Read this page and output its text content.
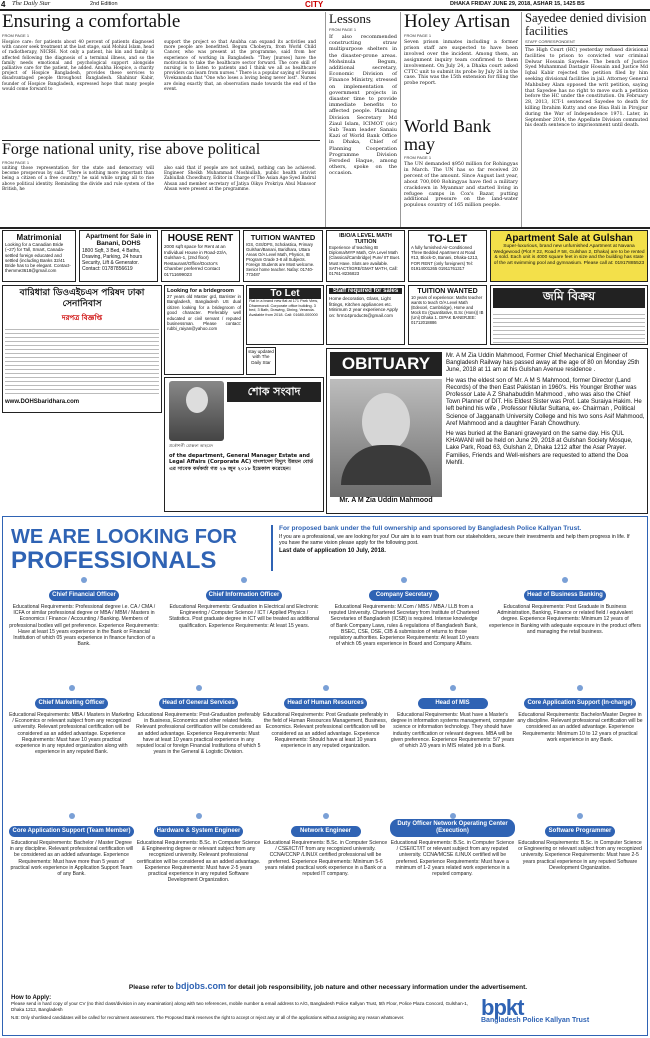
4 The Daily Star	2nd Edition	CITY	DHAKA FRIDAY JUNE 29, 2018, ASHAR 15, 1425 BS
Ensuring a comfortable
FROM PAGE 1

Hospice care: for patients about 40 percent of patients diagnosed with cancer seek treatment at the last stage, said Mohiul Islam, head of radiotherapy, NICRH. Not only a patient, his kin and family is affected following the diagnosis of a terminal illness, and so the family needs emotional and psychological support alongside palliative care for the patient, he added. Anubha Hospice, a charity project of Hospice Bangladesh, provides these services to disadvantaged people throughout Bangladesh. Shahinur Kabir, founder of Hospice Bangladesh, expressed hope that many people would come forward to

support the project so that Anubha can expand its activities and more people are benefitted. Begum Chobeyra, from World Child Cancer, who was present at the programme, said from her experience of working in Bangladesh: "They [nurses] have the motivation to take the healthcare sector forward. The core skill of nursing is to listen to patients and I think we all as healthcare providers can learn from nurses." There is a popular saying of Swami Vivekananda that "One who loses a loving being never lost". Nurses are doing exactly that, an observation made towards the end of the event.

Forge national unity, rise above political
FROM PAGE 1

uniting those representation for the state and democracy will become prosperous by said. "There is nothing more important than being a citizen of a free country," he said while urging all to rise above political identity. Reminding the divide and rule system of the British, he

also said that if people are not united, nothing can be achieved. Engineer Sheikh Muhammad Moshiullah, public health activist Zabiullah Chowdhury, Editor in Charge of The Asian Age Syed Badrul Ahsan and member secretary of Jatiya Oikyo Prokriya Abul Mansoor Ahsan were present at the programme.

Lessons
FROM PAGE 1

If also recommended constructing straw multipurpose shelters in the disaster-prone areas. Mohsinula Begum, additional secretary, Economic Division of Finance Ministry, stressed on implementation of government projects in disaster time to provide immediate benefits to affected people. Planning Division Secretary Md Ziaul Islam, ICIMOT (sic) Sub Team leader Sanaiu Kazi of World Bank Office in Dhaka, Chief of Planning Cooperation Programme Division Feroded Haque, among others, spoke on the occasion.

Holey Artisan
FROM PAGE 1

Seven prison inmates including a former prison staff are suspected to have been involved over the incident. Among them, an assignment inquiry team confirmed to them involvement. On July 24, a Dhaka court asked CTTC unit to submit its probe by July 26 in the case. This was the 15th extension for filing the probe report.

World Bank may
FROM PAGE 1

The UN demanded $950 million for Rohingyas in March. The UN has so far received 20 percent of the amount. Since August last year, about 700,000 Rohingyas have fled a military crackdown in Myanmar and started living in refugee camps in Cox's Bazar, putting additional pressure on the land-water populous country of 165 million people.

Sayedee denied division facilities
STAFF CORRESPONDENT

The High Court (HC) yesterday refused divisional facilities to prison to convicted war criminal Delwar Hossain Sayedee. The bench of Justice Syed Muhammad Dastagir Hossain and Justice Md Iqbal Kabir rejected the petition filed by him seeking divisional facilities in jail. Attorney General Mahbubey Alam opposed the writ petition, saying that Sayedee has no right to move such a petition before the HC under the constitution. On February 28, 2013, ICT-1 sentenced Sayedee to death for killing Ibrahim Kutty and one Bisa Bali in Pirojpur during the War of Independence 1971. Later, in September 2014, the Appellate Division commuted his death sentence to imprisonment until death.

Matrimonial
Looking for a Canadian Bride (~27) for Tall, Smart, Canada-settled foreign educated and settled (including Banks 32/41 Bride has to be elegant. Contact-themme3618@gmail.com
Apartment for Sale in Banani, DOHS
1800 Sqft, 3 Bed, 4 Baths, Drawing, Parking, 24 hours Security, Lift & Generator. Contact: 01787856619
HOUSE RENT
2000 sqft space for Rent at an Individual House in Road-23/A, Gulshan-1, (2nd floor) Restaurant/Office/Doctor's Chamber preferred Contact 01711699023
TUITION WANTED
IGS, GIS/DPS, Scholastica, Primary Gulshan/Banani, Baridhara, Uttara Areas O/A Level Math, Physics, IB Program Grade 3-8 all Subjects. Foreign Students are Most welcome. Senior home teacher. Nafay: 01740-773487
IB/O/A LEVEL MATH TUITION
Experience of teaching IB Diploma/MYP Math, O/A Level Math (Classical/Cambridge) Pure/ IIT Buet. Must Have. Slots are available. SATHACT/IGRE/GMAT MATH, Call: 01761-8236823
TO-LET
A fully furnished Air-Conditioned Three Bedded Apartment at Road #13, Block-D, Banani, Dhaka-1213, FOR RENT (only foreigners) Tel: 01914001265 01911761317
Apartment Sale at Gulshan
Super-luxurious, brand new unfurnished Apartment at Navana Wedgewood (Plot # 22, Road # 58, Gulshan 2, Dhaka) are to be rented & sold. Each unit is 4000 square feet in size and the building has state of the art swimming pool and gymnasium. Please call at: 01917885523
বারিধারা ডিওএইচএস পরিষদ ঢাকা সেনানিবাস
দরপত্র বিজ্ঞপ্তি
www.DOHSbaridhara.com
Looking for a bridegroom
27 years old Master grd, Barrister in Bangladesh, Bangladesh US dual citizen looking for a bridegroom of good character. Preferably well educated or civil servant / reputed businessman. Please contact: rubbi_raiyan@yahoo.com
To Let
Flat in a brand new flat at 171 Park View, Dhanmondi. Corporate office building. 3 bed, 3 Bath, Drawing, Dining, Veranda. Available from 2018. Call: 01680-000000
stay updated with The Daily Star
Staff required for sales
Home decoration, Glass, Light fittings, Kitchen appliances etc. Minimum 2 year experience Apply on: hrm14products@gmail.com
TUITION WANTED
10 years of experience: Maths teacher wants to teach O/A Level Math (Edexcel, Cambridge), Home and Mock Ex (Quantitative, B.Sc (Hons)) IB (Uni) Dhaka 1. DIPAK BANERJEE: 01712018886
জমি বিক্রয়
শোক সংবাদ
প্রকৌশলী মোস্তফা আহমেদ
of the department, General Manager Estate and Legal Affairs (Corporate AC) বাংলাদেশ বিদ্যুৎ উন্নয়ন বোর্ড এর সাবেক কর্মকর্তা গত ২৬ জুন ২০১৮ ইন্তেকাল করেছেন।
OBITUARY
Mr. A M Zia Uddin Mahmood
Mr. A M Zia Uddin Mahmood, Former Chief Mechanical Engineer of Bangladesh Railway has passed away at the age of 80 on Monday 25th June, 2018 at 11 am at his Gulshan Avenue residence .
He was the eldest son of Mr. A M S Mahmood, former Director (Land Records) of the then East Pakistan in 1960's. His Younger Brother was Professor Late A Z Shahabuddin Mahmood , who was also the Chief Town Planner of DIT. His Eldest Sister was Prof. Late Suraiya Hakim. He left behind his wife , Professor Nilufar Sultana, ex- Chairman , Political Science of Jagganath University College and his two sons Asif Mahmood, Aref Mahmood and a daughter Farah Chowdhury.
He was buried at the Banani graveyard on the same day. His QUL KHAWANI will be held on June 29, 2018 at Gulshan Society Mosque, Lake Park, Road 63, Gulshan 2, Dhaka 1212 after the Asar Prayer. Families, Friends and Well-wishers are requested to attend the Doa Mehfil.
WE ARE LOOKING FOR
PROFESSIONALS
For proposed bank under the full ownership and sponsored by Bangladesh Police Kallyan Trust.
If you are a professional, we are looking for you! Our aim is to earn trust from our stakeholders, secure their investments and help them progress in life. If you have the same vision please apply for the following post.
Last date of application 10 July, 2018.
Chief Financial Officer
Educational Requirements: Professional degree i.e. CA / CMA / ICFA or similar professional degree or MBA / MBM / Masters in Economics / Finance / Accounting / Banking. Members of professional bodies will get preference. Experience Requirements: Have at least 15 years experience in the Bank or Financial Institution of which 05 years experience in finance function of a Bank.
Chief Information Officer
Educational Requirements: Graduation in Electrical and Electronic Engineering / Computer Science / ICT / Applied Physics / Statistics. Post graduate degree in ICT will be treated as additional qualification. Experience Requirements: At least 15 years.
Company Secretary
Educational Requirements: M.Com / MBS / MBA / LLB from a reputed University. Chartered Secretary from Institute of Chartered Secretaries of Bangladesh (ICSB) is required. Intense knowledge of Bank Company Laws, rules & regulations of Bangladesh Bank, BSEC, CSE, DSE, CIB & submission of returns to those regulatory authorities. Experience Requirements: At least 10 years of which 05 years experience in Board and Company Affairs.
Head of Business Banking
Educational Requirements: Post Graduate in Business Administration, Banking, Finance or related field / equivalent degree. Experience Requirements: Minimum 12 years of experience in Banking with adequate exposure in the product offers and managing the retail business.
Chief Marketing Officer
Educational Requirements: MBA / Masters in Marketing / Economics or relevant subject from any recognized university. Relevant professional certification will be considered as an added advantage. Experience Requirements: Must have 10 years practical experience in any reputed organization along with experience in any reputed Bank.
Head of General Services
Educational Requirements: Post-Graduation preferably in Business, Economics and other related fields. Relevant professional certification will be considered as an added advantage. Experience Requirements: Must have at least 10 years practical experience in any reputed local or foreign Financial Institutions of which 5 years in the General & Logistic Division.
Head of Human Resources
Educational Requirements: Post Graduate preferably in the field of Human Resources Management, Business, Economics. Relevant professional certification will be considered as an added advantage. Experience Requirements: Should have at least 10 years experience in any reputed organization.
Head of MIS
Educational Requirements: Must have a Master's degree in information systems management, computer science or information technology. They should have industry certification or relevant degrees. MBA will be given preference. Experience Requirements: 5/7 years of which 2/3 years in MIS related job in a Bank.
Core Application Support (In-charge)
Educational Requirements: Bachelor/Master Degree in any discipline. Relevant professional certification will be considered as an added advantage. Experience Requirements: Minimum 10 to 12 years of practical work experience in any Bank.
Core Application Support (Team Member)
Educational Requirements: Bachelor / Master Degree in any discipline. Relevant professional certification will be considered as an added advantage. Experience Requirements: Must have more than 5 years of practical work experience in Application Support Team of any Bank.
Hardware & System Engineer
Educational Requirements: B.Sc. in Computer Science & Engineering degree or relevant subject from any recognized university. Relevant professional certification will be considered as an added advantage. Experience Requirements: Must have 2-5 years practical experience in any reputed Software Development Organization.
Network Engineer
Educational Requirements: B.Sc. in Computer Science / CSE/ICT/IT from any recognized university. CCNA/CCNP /LINUX certified professional will be preferred. Experience Requirements: Minimum 5-6 years related practical work experience in a Bank or a reputed IT company.
Duty Officer Network Operating Center (Execution)
Educational Requirements: B.Sc. in Computer Science / CSE/ICT/IT or relevant subject from any reputed university. CCNA/MCSE /LINUX certified will be preferred. Experience Requirements: Must have a minimum of 1-2 years related work experience in a reputed company.
Software Programmer
Educational Requirements: B.Sc. in Computer Science or Engineering or relevant subject from any recognized university. Experience Requirements: Must have 2-5 years practical experience in any reputed Software Development Organization.
Please refer to bdjobs.com for detail job responsibility, job nature and other necessary information under the advertisement.
How to Apply:
Please send in hard copy of your CV (no third class/division in any examination) along with two references, mobile number & email address to A/G, Bangladesh Police Kallyan Trust, 5th Floor, Police Plaza Concord, Gulshan-1, Dhaka 1212, Bangladesh
N.B: Only shortlisted candidates will be called for recruitment assessment. The Proposed Bank reserves the right to accept or reject any or all of the applications without assigning any reason whatsoever.	bpkt
Bangladesh Police Kallyan Trust
